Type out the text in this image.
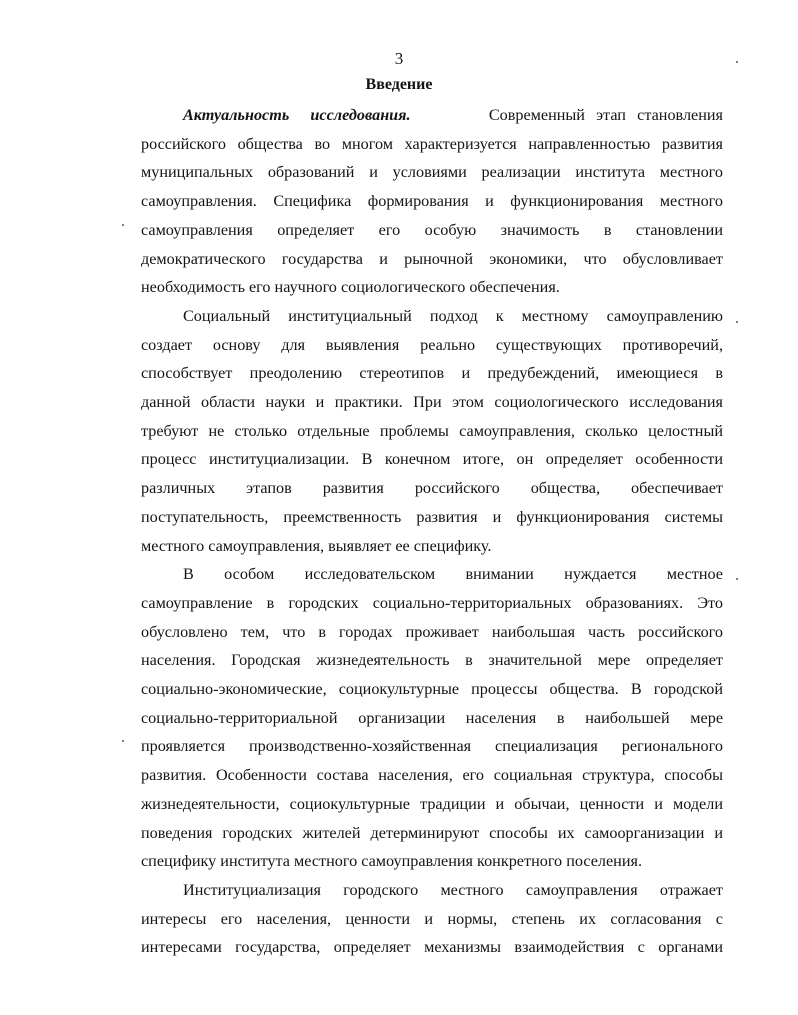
3
Введение

Актуальность исследования.	Современный этап становления
российского общества во многом характеризуется направленностью развития
муниципальных образований и условиями реализации института местного
самоуправления. Специфика формирования и функционирования местного
самоуправления определяет его особую значимость в становлении
демократического государства и рыночной экономики, что обусловливает
необходимость его научного социологического обеспечения.

Социальный институциальный подход к местному самоуправлению
создает основу для выявления реально существующих противоречий,
способствует преодолению стереотипов и предубеждений, имеющиеся в
данной области науки и практики. При этом социологического исследования
требуют не столько отдельные проблемы самоуправления, сколько целостный
процесс институциализации. В конечном итоге, он определяет особенности
различных этапов развития российского общества, обеспечивает
поступательность, преемственность развития и функционирования системы
местного самоуправления, выявляет ее специфику.

В особом исследовательском внимании нуждается местное
самоуправление в городских социально-территориальных образованиях. Это
обусловлено тем, что в городах проживает наибольшая часть российского
населения. Городская жизнедеятельность в значительной мере определяет
социально-экономические, социокультурные процессы общества. В городской
социально-территориальной организации населения в наибольшей мере
проявляется производственно-хозяйственная специализация регионального
развития. Особенности состава населения, его социальная структура, способы
жизнедеятельности, социокультурные традиции и обычаи, ценности и модели
поведения городских жителей детерминируют способы их самоорганизации и
специфику института местного самоуправления конкретного поселения.

Институциализация городского местного самоуправления отражает
интересы его населения, ценности и нормы, степень их согласования с
интересами государства, определяет механизмы взаимодействия с органами
